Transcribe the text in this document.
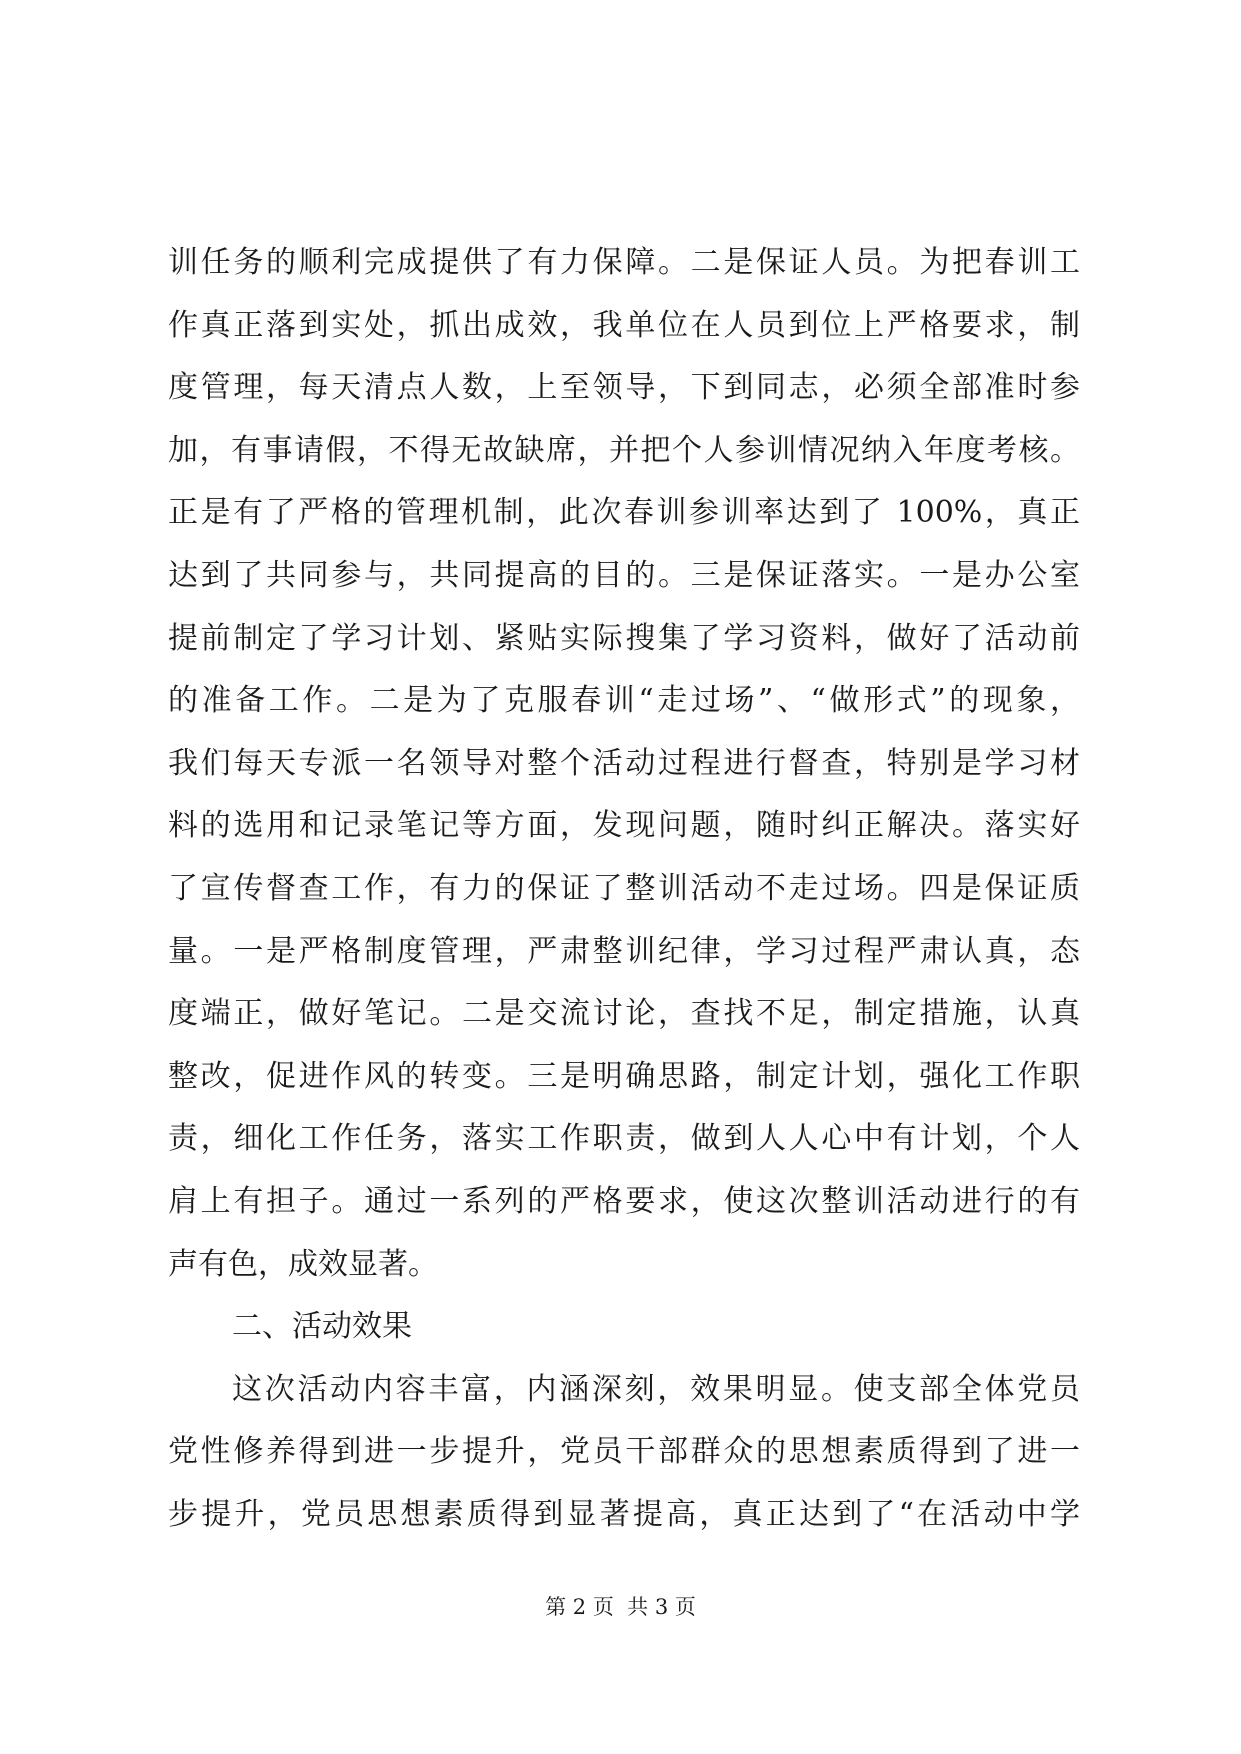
训任务的顺利完成提供了有力保障。二是保证人员。为把春训工
作真正落到实处，抓出成效，我单位在人员到位上严格要求，制
度管理，每天清点人数，上至领导，下到同志，必须全部准时参
加，有事请假，不得无故缺席，并把个人参训情况纳入年度考核。
正是有了严格的管理机制，此次春训参训率达到了 100%，真正
达到了共同参与，共同提高的目的。三是保证落实。一是办公室
提前制定了学习计划、紧贴实际搜集了学习资料，做好了活动前
的准备工作。二是为了克服春训“走过场”、“做形式”的现象，
我们每天专派一名领导对整个活动过程进行督查，特别是学习材
料的选用和记录笔记等方面，发现问题，随时纠正解决。落实好
了宣传督查工作，有力的保证了整训活动不走过场。四是保证质
量。一是严格制度管理，严肃整训纪律，学习过程严肃认真，态
度端正，做好笔记。二是交流讨论，查找不足，制定措施，认真
整改，促进作风的转变。三是明确思路，制定计划，强化工作职
责，细化工作任务，落实工作职责，做到人人心中有计划，个人
肩上有担子。通过一系列的严格要求，使这次整训活动进行的有
声有色，成效显著。
二、活动效果
这次活动内容丰富，内涵深刻，效果明显。使支部全体党员
党性修养得到进一步提升，党员干部群众的思想素质得到了进一
步提升，党员思想素质得到显著提高，真正达到了“在活动中学
第 2 页  共 3 页
